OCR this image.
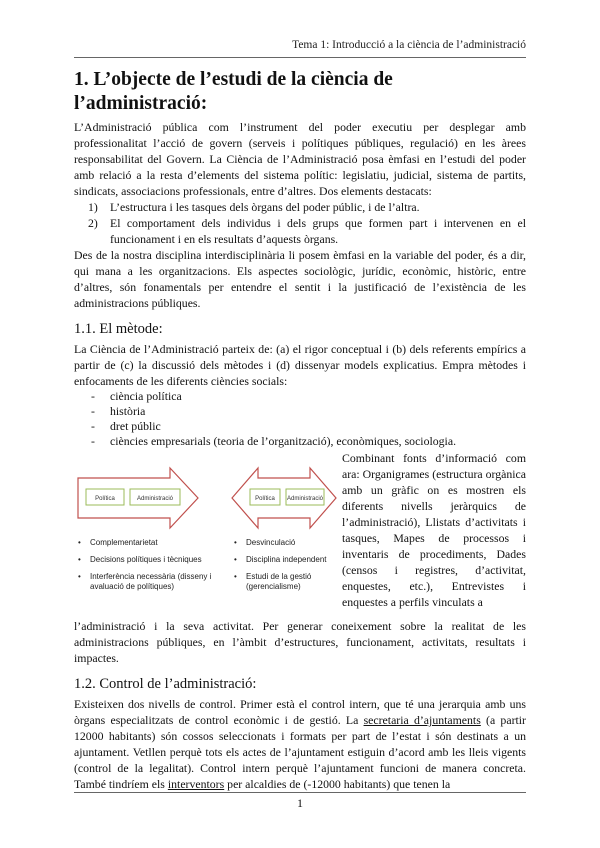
Tema 1: Introducció a la ciència de l’administració
1. L’objecte de l’estudi de la ciència de l’administració:

L’Administració pública com l’instrument del poder executiu per desplegar amb professionalitat l’acció de govern (serveis i polítiques públiques, regulació) en les àrees responsabilitat del Govern. La Ciència de l’Administració posa èmfasi en l’estudi del poder amb relació a la resta d’elements del sistema polític: legislatiu, judicial, sistema de partits, sindicats, associacions professionals, entre d’altres. Dos elements destacats:

1) L’estructura i les tasques dels òrgans del poder públic, i de l’altra.
2) El comportament dels individus i dels grups que formen part i intervenen en el funcionament i en els resultats d’aquests òrgans.

Des de la nostra disciplina interdisciplinària li posem èmfasi en la variable del poder, és a dir, qui mana a les organitzacions. Els aspectes sociològic, jurídic, econòmic, històric, entre d’altres, són fonamentals per entendre el sentit i la justificació de l’existència de les administracions públiques.

1.1. El mètode:

La Ciència de l’Administració parteix de: (a) el rigor conceptual i (b) dels referents empírics a partir de (c) la discussió dels mètodes i (d) dissenyar models explicatius. Empra mètodes i enfocaments de les diferents ciències socials:

- ciència política
- història
- dret públic
- ciències empresarials (teoria de l’organització), econòmiques, sociologia.
Política	Administració	Política Administració
• Complementarietat
• Decisions polítiques i tècniques
• Interferència necessària (disseny i avaluació de polítiques)
• Desvinculació
• Disciplina independent
• Estudi de la gestió (gerencialisme)
Combinant fonts d’informació com ara: Organigrames (estructura orgànica amb un gràfic on es mostren els diferents nivells jeràrquics de l’administració), Llistats d’activitats i tasques, Mapes de processos i inventaris de procediments, Dades (censos i registres, d’activitat, enquestes, etc.), Entrevistes i enquestes a perfils vinculats a

l’administració i la seva activitat. Per generar coneixement sobre la realitat de les administracions públiques, en l’àmbit d’estructures, funcionament, activitats, resultats i impactes.

1.2. Control de l’administració:

Existeixen dos nivells de control. Primer està el control intern, que té una jerarquia amb uns òrgans especialitzats de control econòmic i de gestió. La secretaria d’ajuntaments (a partir 12000 habitants) són cossos seleccionats i formats per part de l’estat i són destinats a un ajuntament. Vetllen perquè tots els actes de l’ajuntament estiguin d’acord amb les lleis vigents (control de la legalitat). Control intern perquè l’ajuntament funcioni de manera concreta. També tindríem els interventors per alcaldies de (-12000 habitants) que tenen la

1
